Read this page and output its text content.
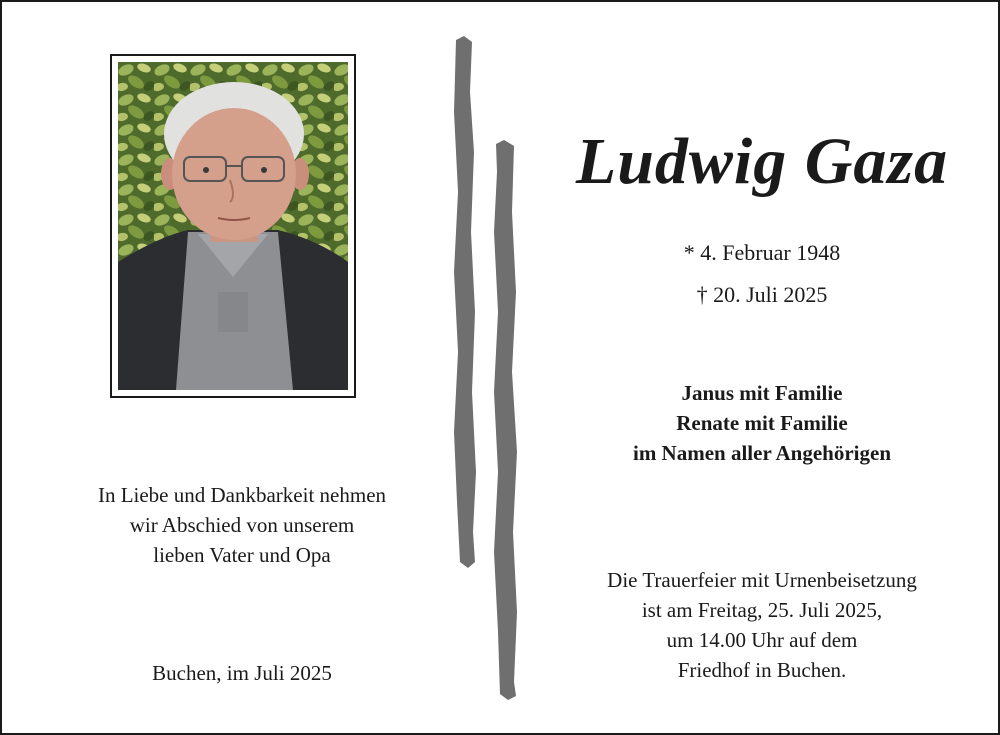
In Liebe und Dankbarkeit nehmen
wir Abschied von unserem
lieben Vater und Opa
Buchen, im Juli 2025
Ludwig Gaza
* 4. Februar 1948
† 20. Juli 2025
Janus mit Familie
Renate mit Familie
im Namen aller Angehörigen
Die Trauerfeier mit Urnenbeisetzung
ist am Freitag, 25. Juli 2025,
um 14.00 Uhr auf dem
Friedhof in Buchen.
